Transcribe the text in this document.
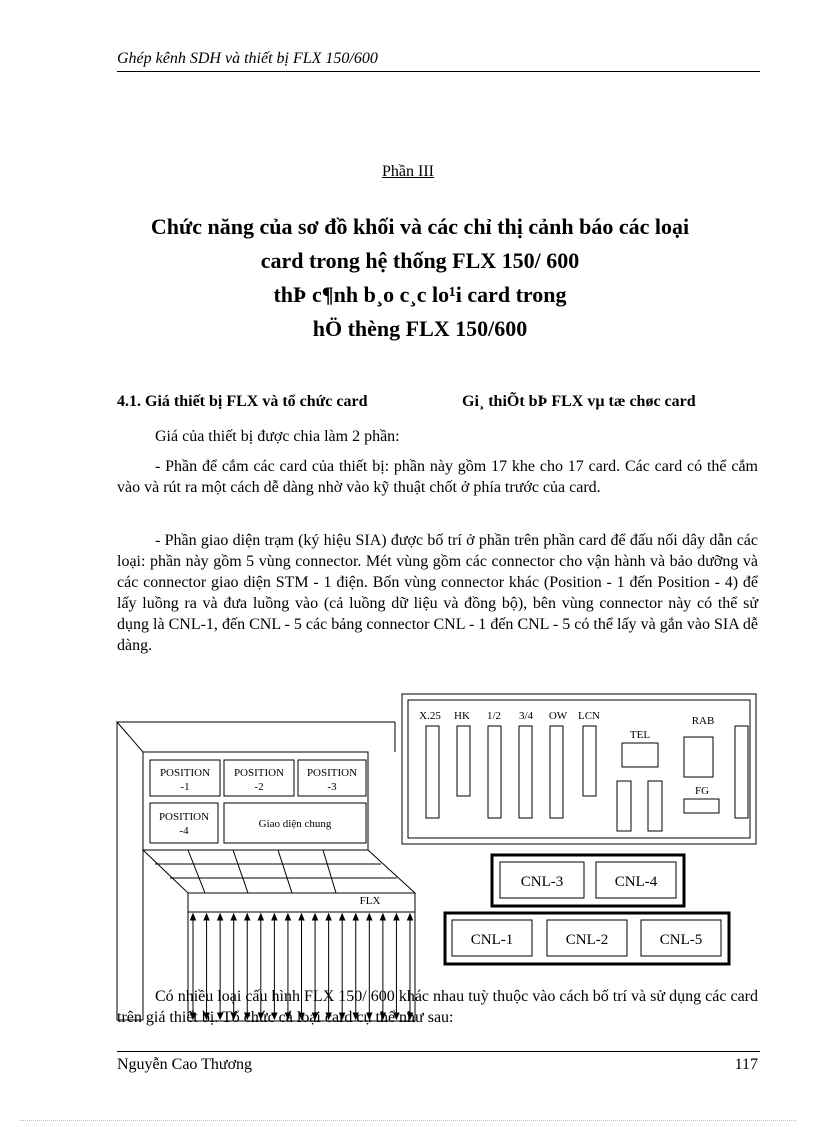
Ghép kênh SDH và thiết bị FLX 150/600
Phần III
Chức năng của sơ đồ khối và các chỉ thị cảnh báo các loại
card trong hệ thống FLX 150/ 600
thÞ c¶nh b¸o c¸c lo¹i card trong
hÖ thèng FLX 150/600
4.1. Giá thiết bị FLX và tổ chức card	Gi¸ thiÕt bÞ FLX vµ tæ chøc card
Giá của thiết bị được chia làm 2 phần:
- Phần để cắm các card của thiết bị: phần này gồm 17 khe cho 17 card. Các card có thể cắm vào và rút ra một cách dễ dàng nhờ vào kỹ thuật chốt ở phía trước của card.
- Phần giao diện trạm (ký hiệu SIA) được bố trí ở phần trên phần card để đấu nối dây dẫn các loại: phần này gồm 5 vùng connector. Mét vùng gồm các connector cho vận hành và bảo dưỡng và các connector giao diện STM - 1 điện. Bốn vùng connector khác (Position - 1 đến Position - 4) để lấy luồng ra và đưa luồng vào (cả luồng dữ liệu và đồng bộ), bên vùng connector này có thể sử dụng là CNL-1, đến CNL - 5 các bảng connector CNL - 1 đến CNL - 5 có thể lấy và gắn vào SIA dễ dàng.
POSITION
-1
POSITION
-2
POSITION
-3
POSITION
-4
Giao diện chung
FLX
X.25 HK 1/2 3/4 OW LCN
TEL
RAB
FG
CNL-3	CNL-4
CNL-1	CNL-2	CNL-5
Có nhiều loại cấu hình FLX 150/ 600 khác nhau tuỳ thuộc vào cách bố trí và sử dụng các card trên giá thiết bị. Tổ chức cá loại card cụ thể như sau:
Nguyễn Cao Thương	117
